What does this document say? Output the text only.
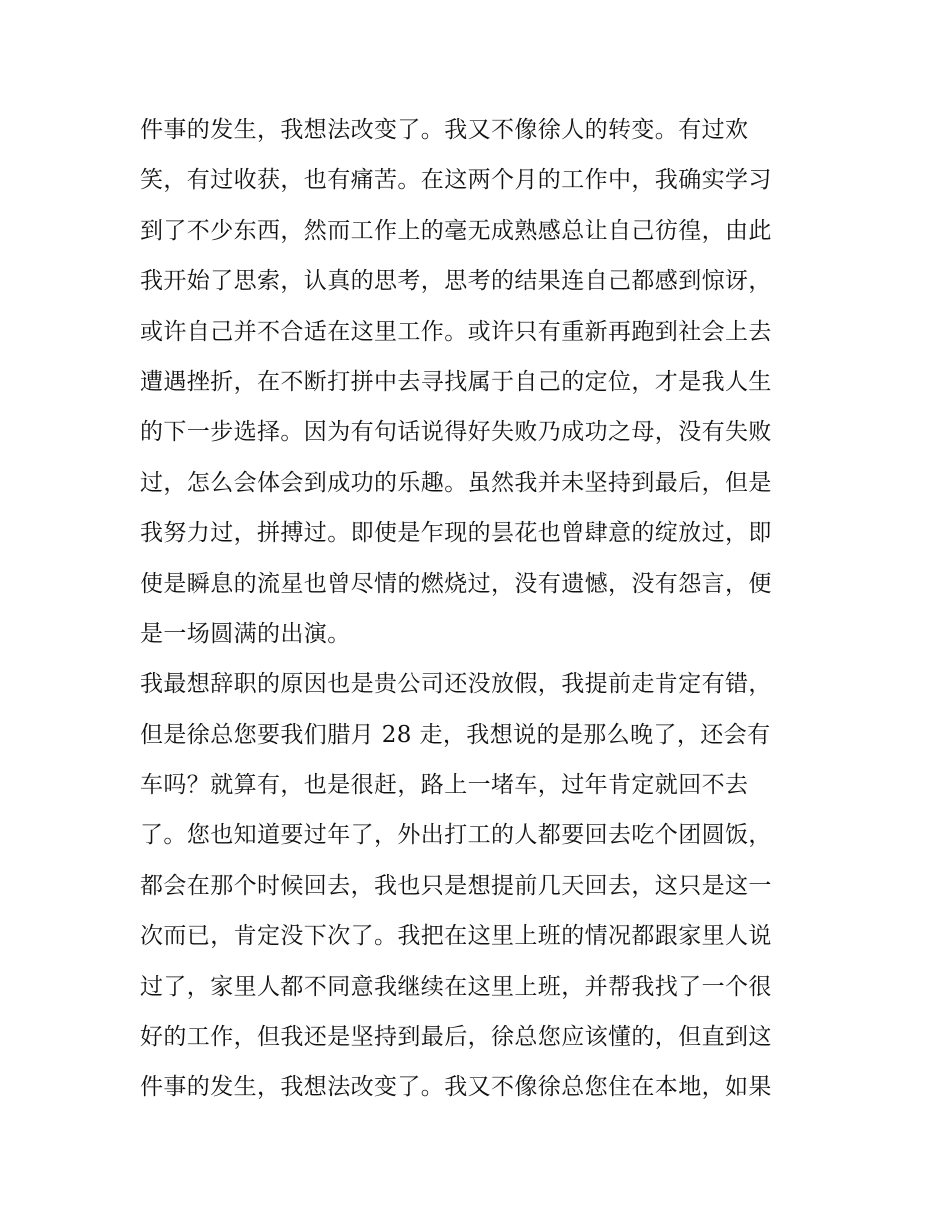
件事的发生，我想法改变了。我又不像徐人的转变。有过欢
笑，有过收获，也有痛苦。在这两个月的工作中，我确实学习
到了不少东西，然而工作上的毫无成熟感总让自己彷徨，由此
我开始了思索，认真的思考，思考的结果连自己都感到惊讶，
或许自己并不合适在这里工作。或许只有重新再跑到社会上去
遭遇挫折，在不断打拼中去寻找属于自己的定位，才是我人生
的下一步选择。因为有句话说得好失败乃成功之母，没有失败
过，怎么会体会到成功的乐趣。虽然我并未坚持到最后，但是
我努力过，拼搏过。即使是乍现的昙花也曾肆意的绽放过，即
使是瞬息的流星也曾尽情的燃烧过，没有遗憾，没有怨言，便
是一场圆满的出演。
我最想辞职的原因也是贵公司还没放假，我提前走肯定有错，
但是徐总您要我们腊月 28 走，我想说的是那么晚了，还会有
车吗？就算有，也是很赶，路上一堵车，过年肯定就回不去
了。您也知道要过年了，外出打工的人都要回去吃个团圆饭，
都会在那个时候回去，我也只是想提前几天回去，这只是这一
次而已，肯定没下次了。我把在这里上班的情况都跟家里人说
过了，家里人都不同意我继续在这里上班，并帮我找了一个很
好的工作，但我还是坚持到最后，徐总您应该懂的，但直到这
件事的发生，我想法改变了。我又不像徐总您住在本地，如果
